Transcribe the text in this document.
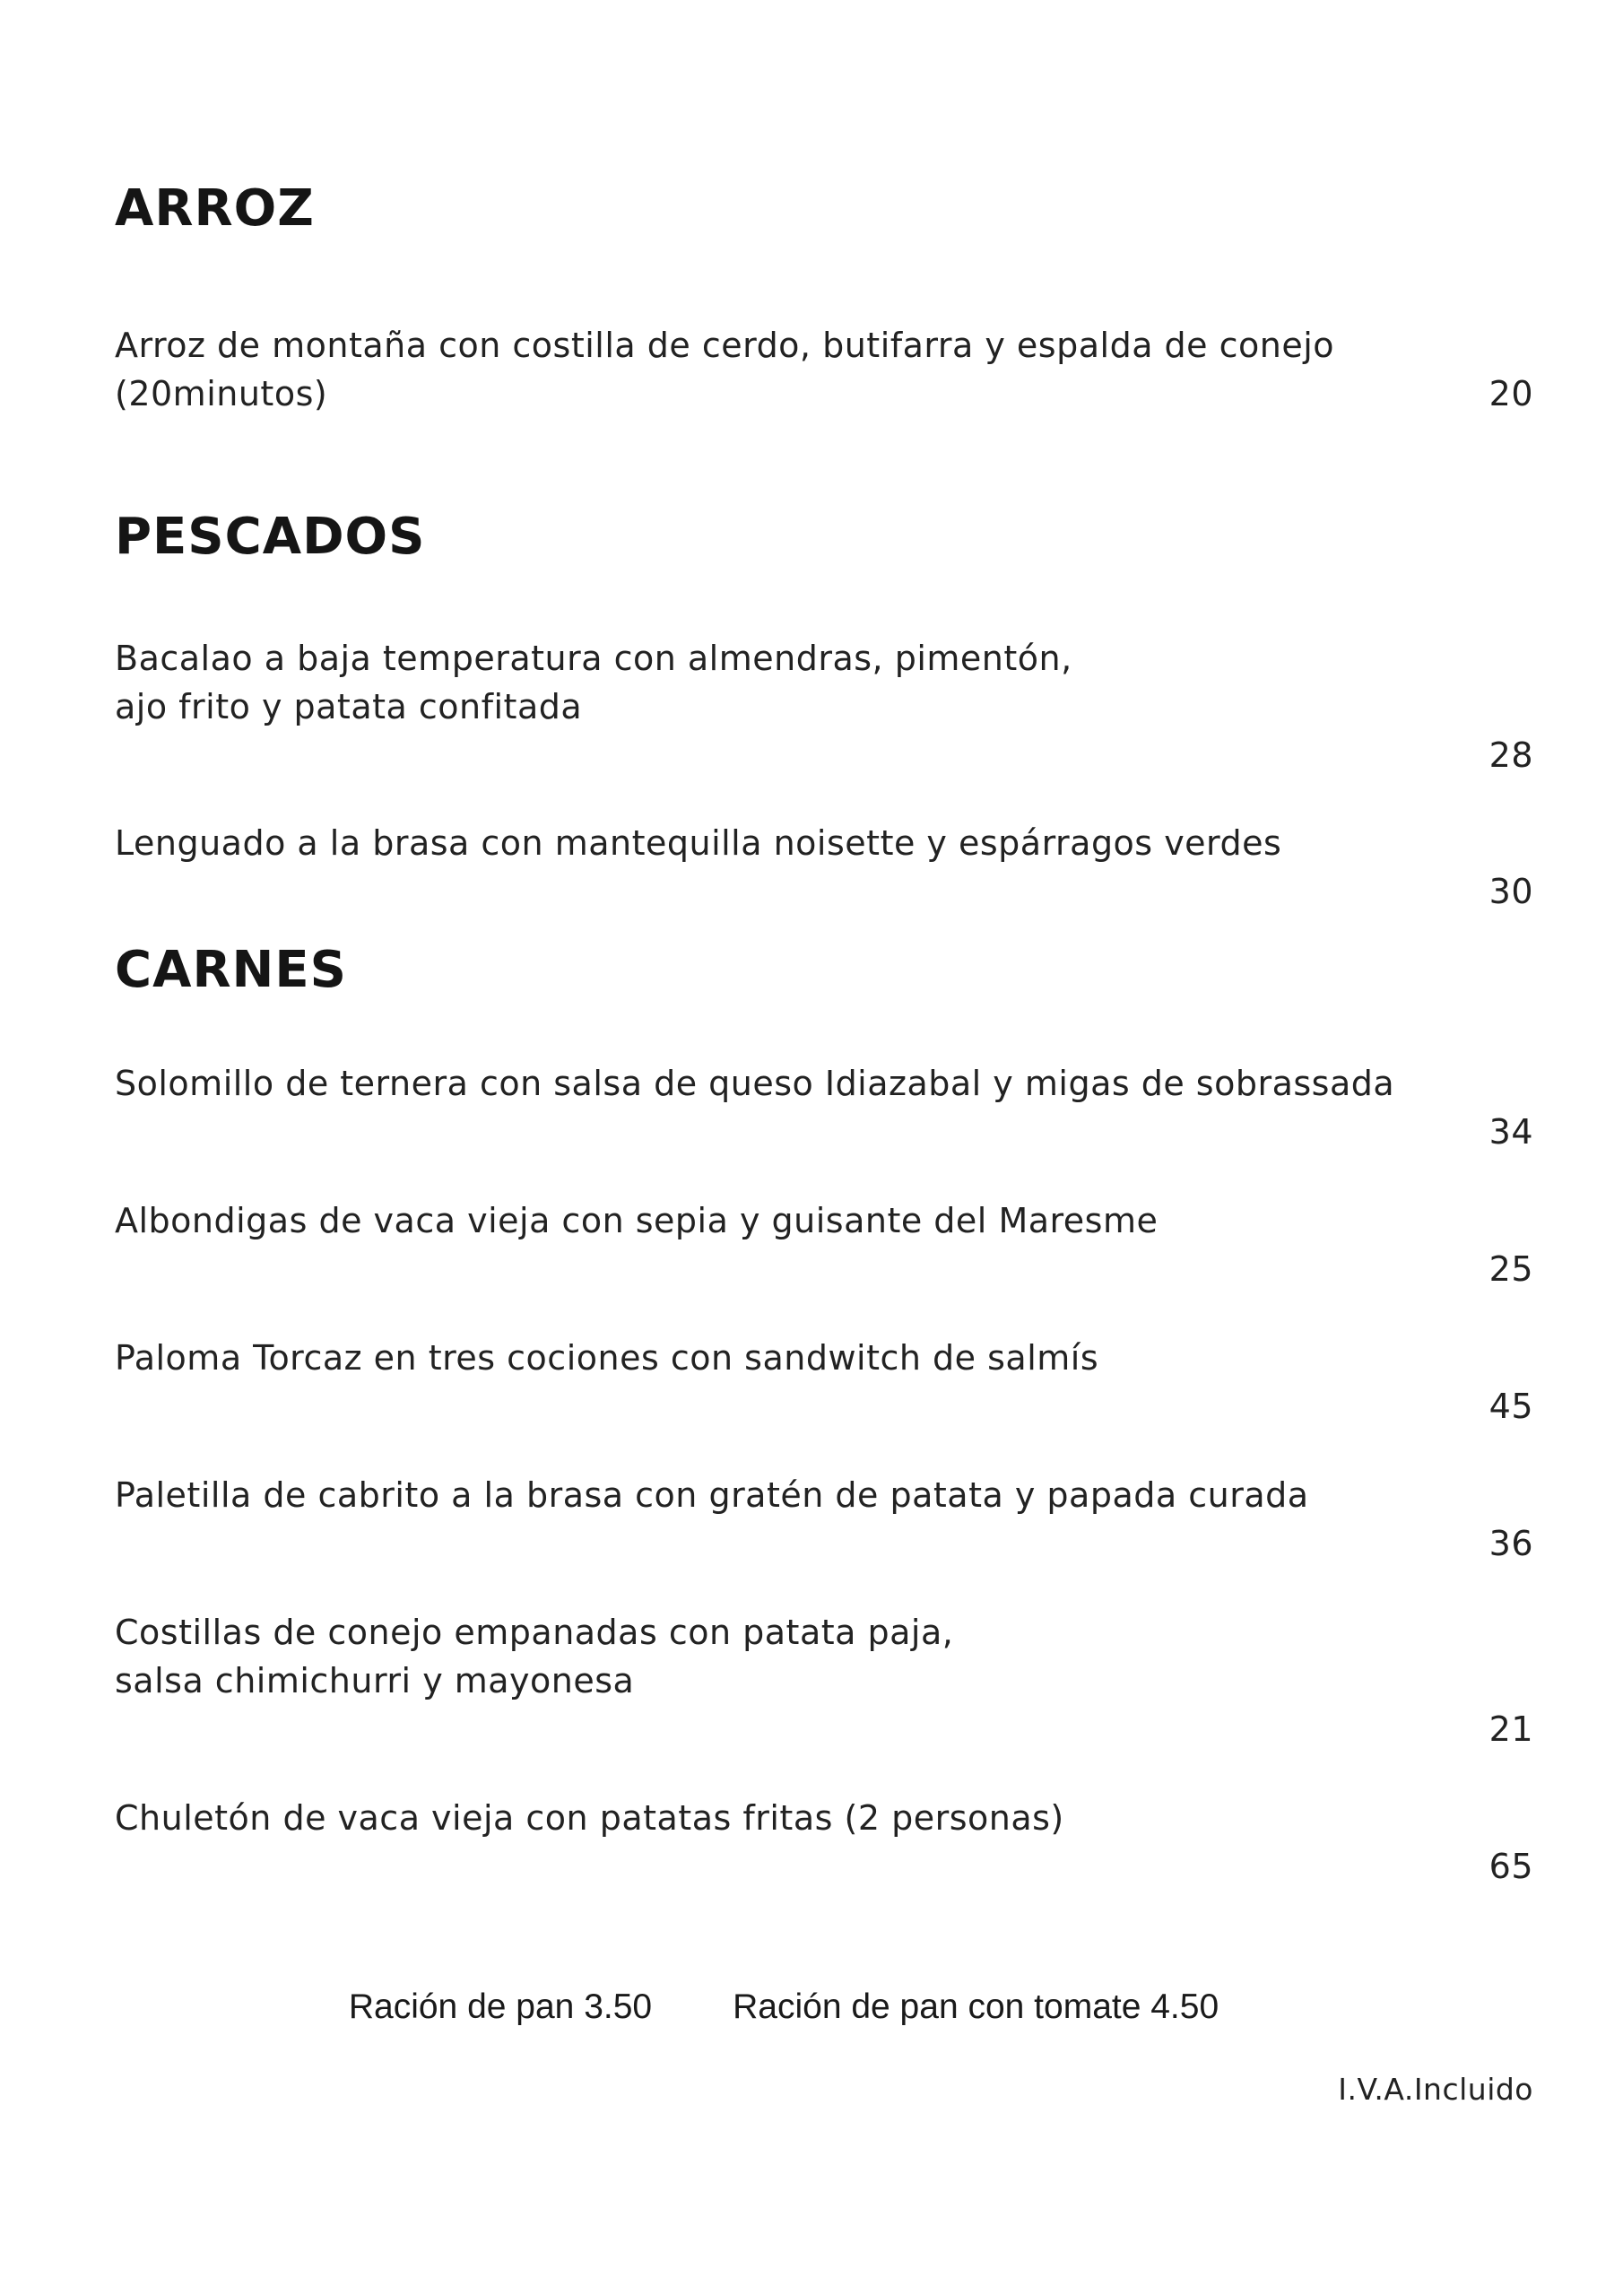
ARROZ
Arroz de montaña con costilla de cerdo, butifarra y espalda de conejo
(20minutos)	20
PESCADOS
Bacalao a baja temperatura con almendras, pimentón,
ajo frito y patata confitada
28
Lenguado a la brasa con mantequilla noisette y espárragos verdes
30
CARNES
Solomillo de ternera con salsa de queso Idiazabal y migas de sobrassada
34
Albondigas de vaca vieja con sepia y guisante del Maresme
25
Paloma Torcaz en tres cociones con sandwitch de salmís
45
Paletilla de cabrito a la brasa con gratén de patata y papada curada
36
Costillas de conejo empanadas con patata paja,
salsa chimichurri y mayonesa
21
Chuletón de vaca vieja con patatas fritas (2 personas)
65
Ración de pan 3.50 Ración de pan con tomate 4.50
I.V.A.Incluido
